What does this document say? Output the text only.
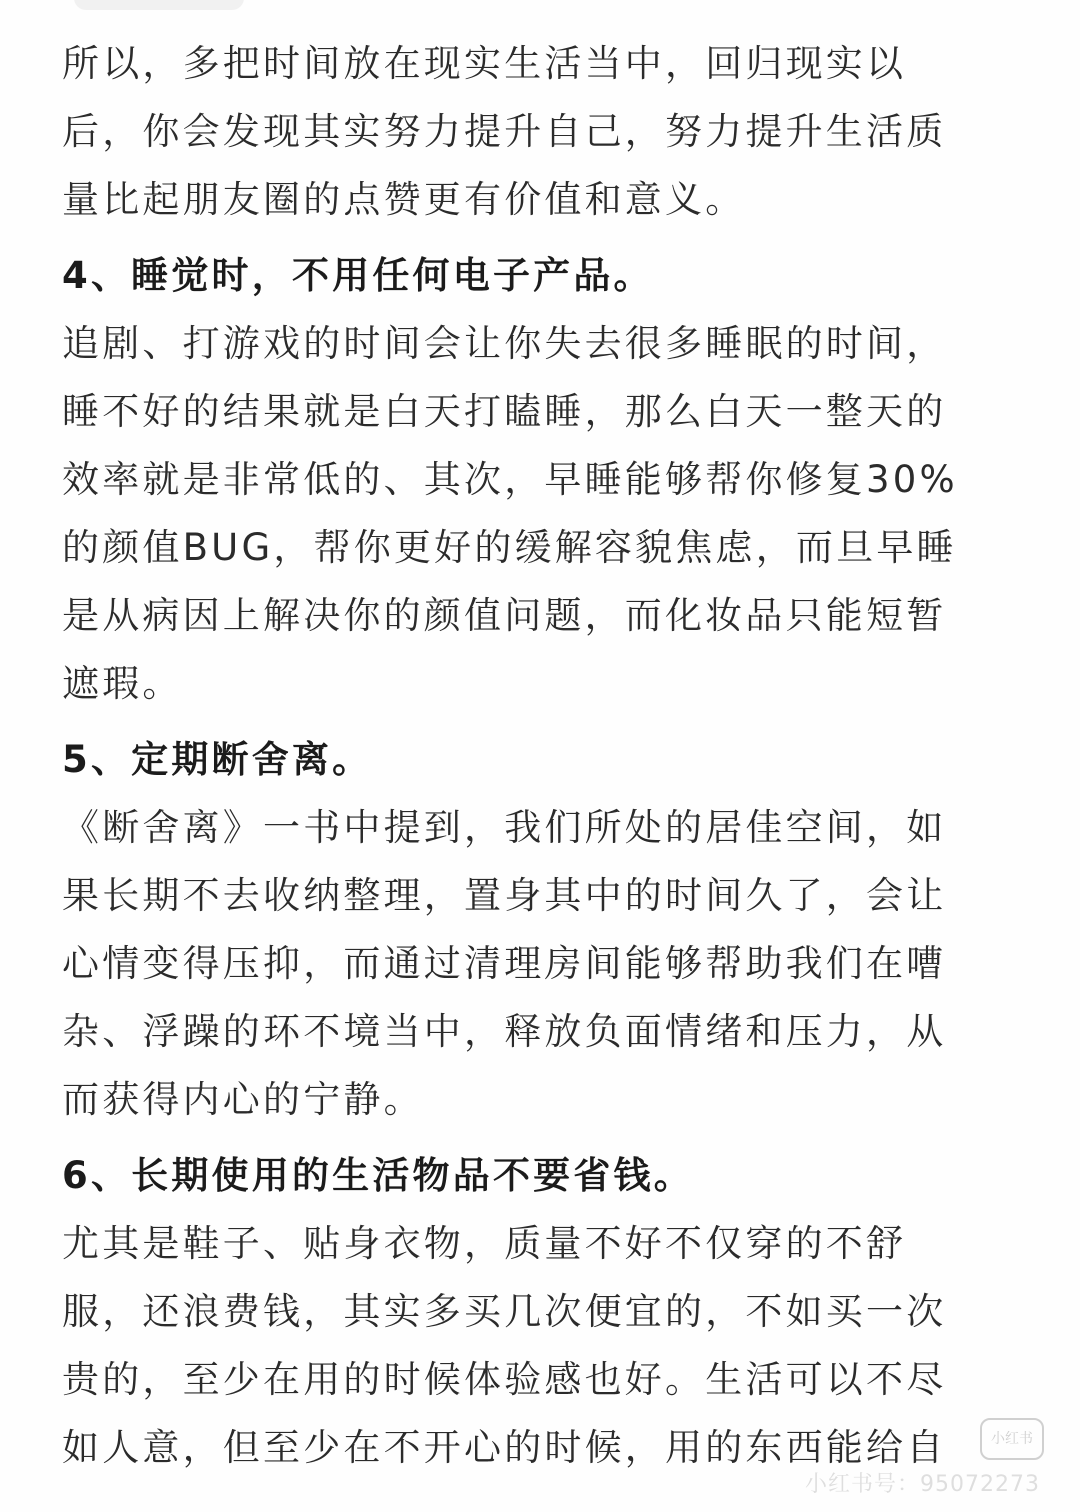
所以，多把时间放在现实生活当中，回归现实以
后，你会发现其实努力提升自己，努力提升生活质
量比起朋友圈的点赞更有价值和意义。
4、睡觉时，不用任何电子产品。
追剧、打游戏的时间会让你失去很多睡眠的时间，
睡不好的结果就是白天打瞌睡，那么白天一整天的
效率就是非常低的、其次，早睡能够帮你修复30%
的颜值BUG，帮你更好的缓解容貌焦虑，而旦早睡
是从病因上解决你的颜值问题，而化妆品只能短暂
遮瑕。
5、定期断舍离。
《断舍离》一书中提到，我们所处的居佳空间，如
果长期不去收纳整理，置身其中的时间久了，会让
心情变得压抑，而通过清理房间能够帮助我们在嘈
杂、浮躁的环不境当中，释放负面情绪和压力，从
而获得内心的宁静。
6、长期使用的生活物品不要省钱。
尤其是鞋子、贴身衣物，质量不好不仅穿的不舒
服，还浪费钱，其实多买几次便宜的，不如买一次
贵的，至少在用的时候体验感也好。生活可以不尽
如人意，但至少在不开心的时候，用的东西能给自	小红书
小红书号：95072273
